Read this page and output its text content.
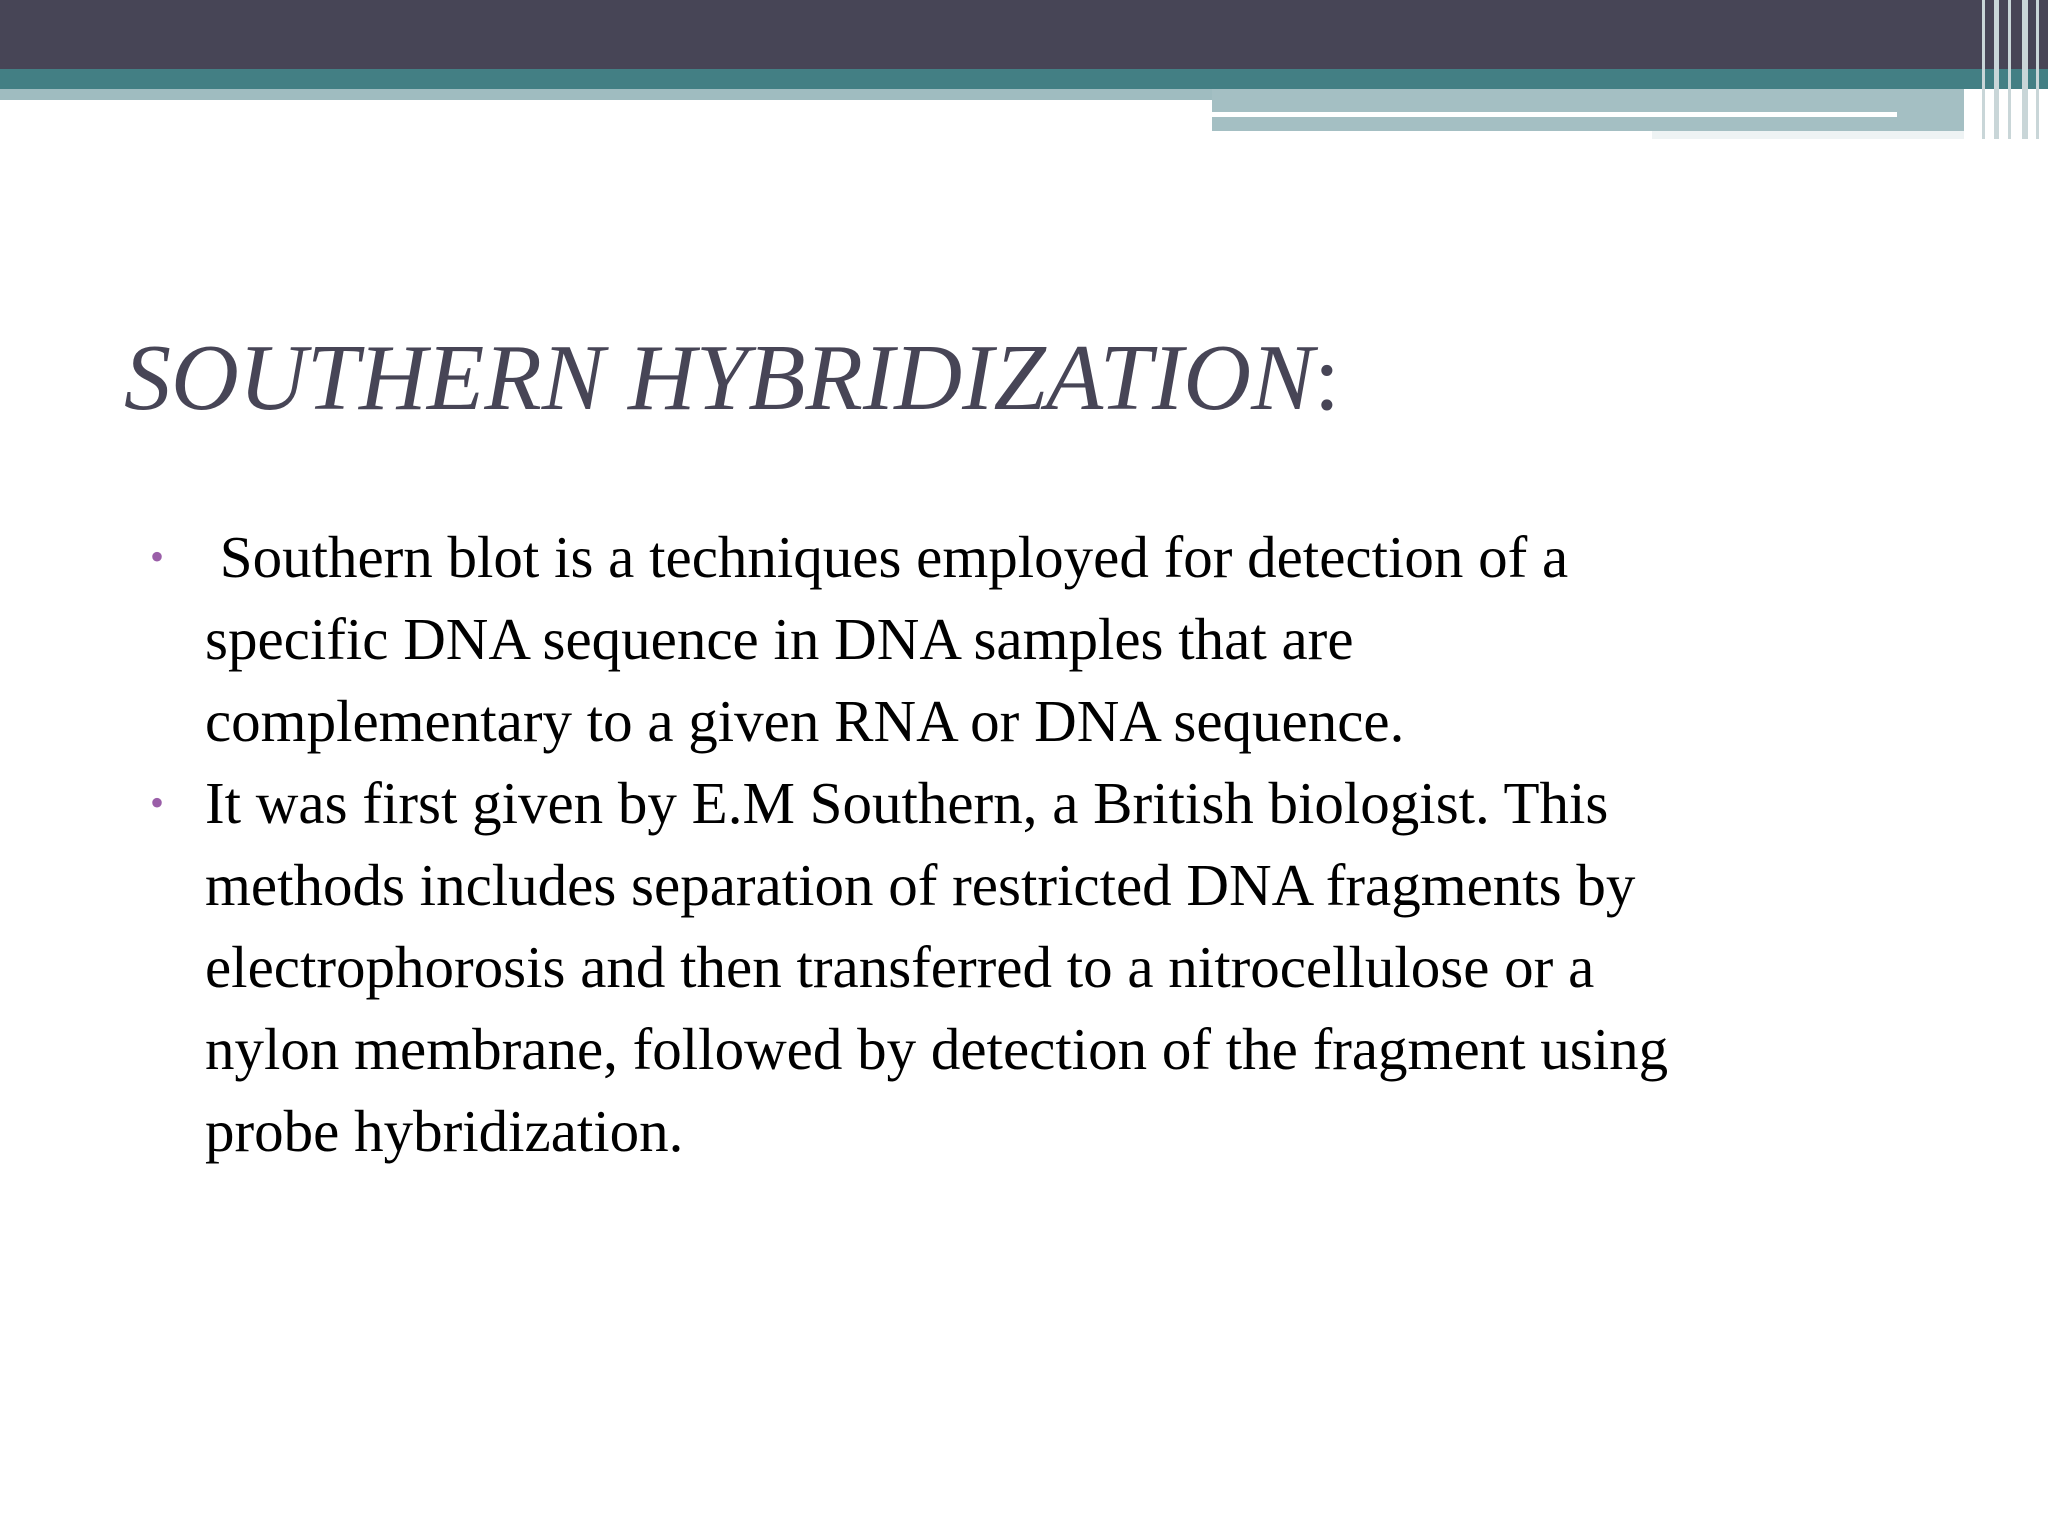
SOUTHERN HYBRIDIZATION:
• Southern blot is a techniques employed for detection of a
specific DNA sequence in DNA samples that are
complementary to a given RNA or DNA sequence.
• It was first given by E.M Southern, a British biologist. This
methods includes separation of restricted DNA fragments by
electrophorosis and then transferred to a nitrocellulose or a
nylon membrane, followed by detection of the fragment using
probe hybridization.
